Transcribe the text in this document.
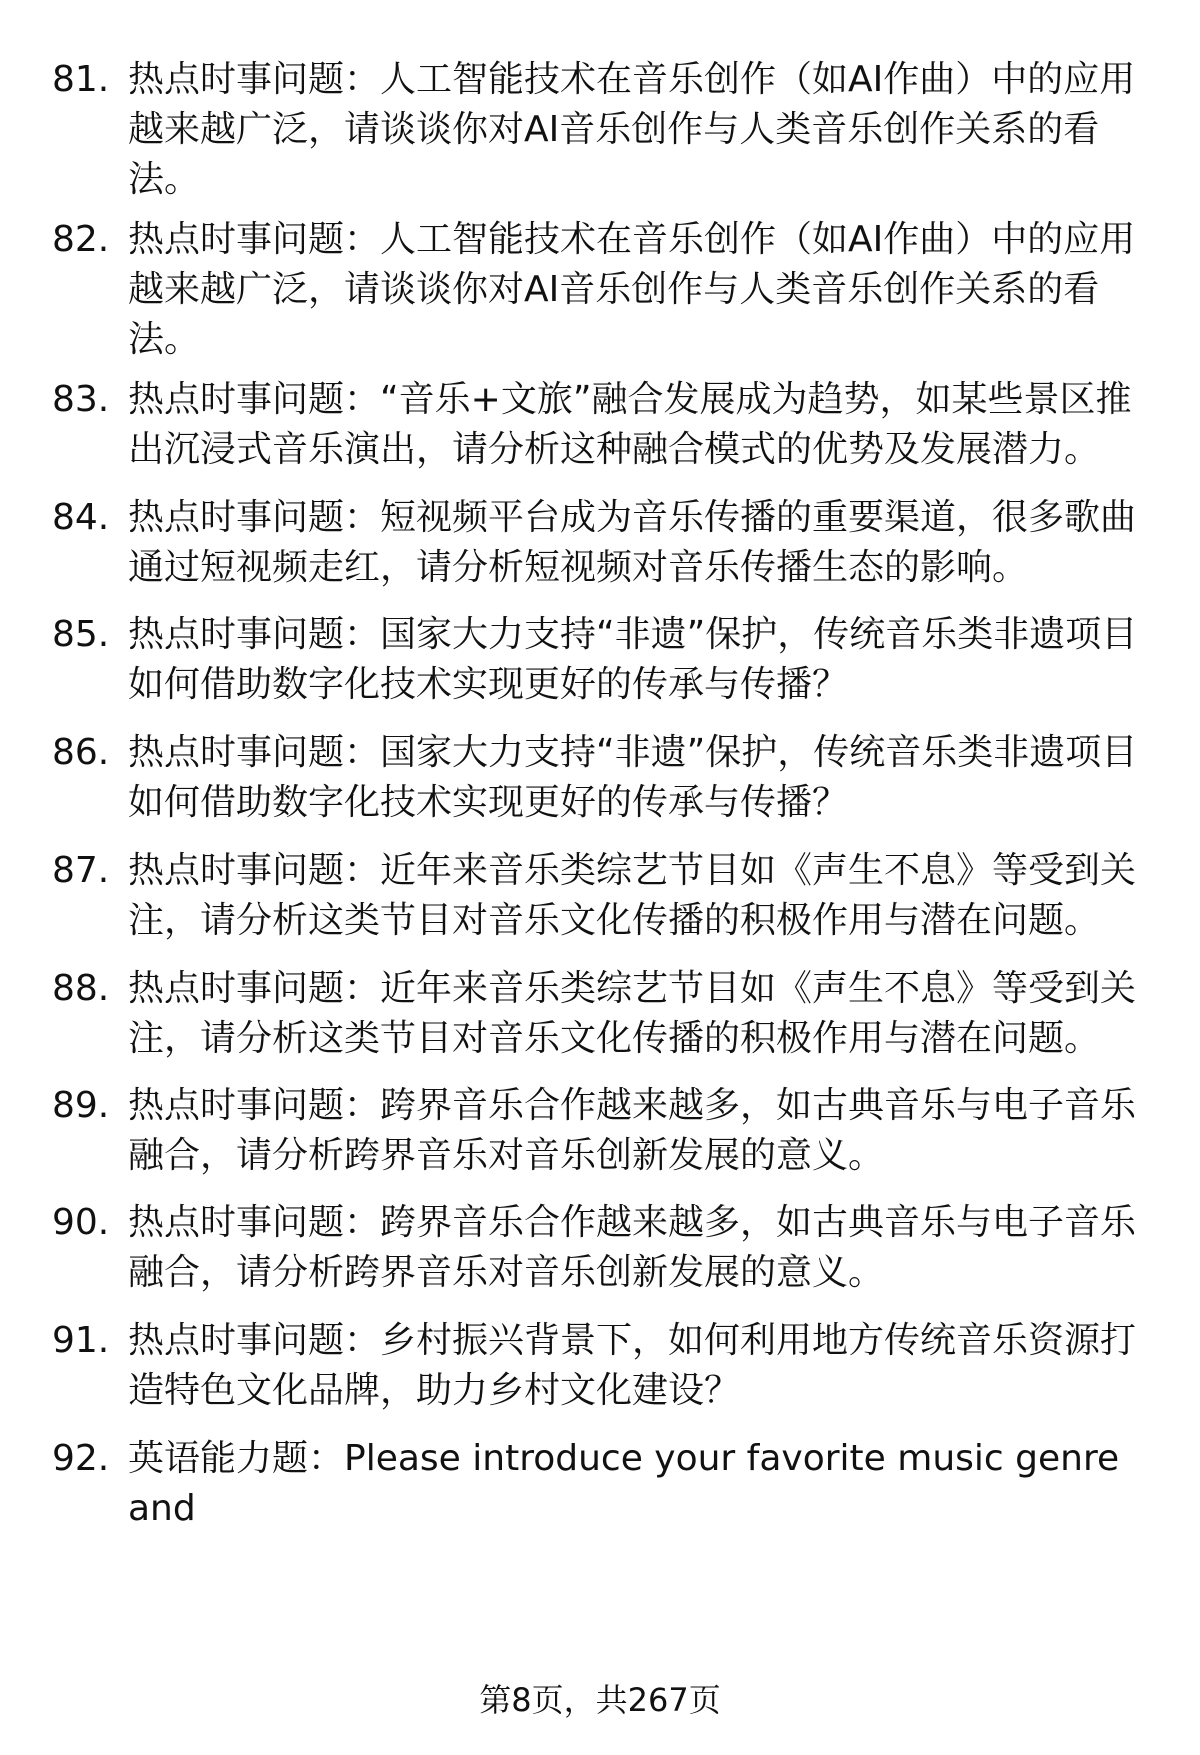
81. 热点时事问题：人工智能技术在音乐创作（如AI作曲）中的应用越来越广泛，请谈谈你对AI音乐创作与人类音乐创作关系的看法。
82. 热点时事问题：人工智能技术在音乐创作（如AI作曲）中的应用越来越广泛，请谈谈你对AI音乐创作与人类音乐创作关系的看法。
83. 热点时事问题：“音乐+文旅”融合发展成为趋势，如某些景区推出沉浸式音乐演出，请分析这种融合模式的优势及发展潜力。
84. 热点时事问题：短视频平台成为音乐传播的重要渠道，很多歌曲通过短视频走红，请分析短视频对音乐传播生态的影响。
85. 热点时事问题：国家大力支持“非遗”保护，传统音乐类非遗项目如何借助数字化技术实现更好的传承与传播？
86. 热点时事问题：国家大力支持“非遗”保护，传统音乐类非遗项目如何借助数字化技术实现更好的传承与传播？
87. 热点时事问题：近年来音乐类综艺节目如《声生不息》等受到关注，请分析这类节目对音乐文化传播的积极作用与潜在问题。
88. 热点时事问题：近年来音乐类综艺节目如《声生不息》等受到关注，请分析这类节目对音乐文化传播的积极作用与潜在问题。
89. 热点时事问题：跨界音乐合作越来越多，如古典音乐与电子音乐融合，请分析跨界音乐对音乐创新发展的意义。
90. 热点时事问题：跨界音乐合作越来越多，如古典音乐与电子音乐融合，请分析跨界音乐对音乐创新发展的意义。
91. 热点时事问题：乡村振兴背景下，如何利用地方传统音乐资源打造特色文化品牌，助力乡村文化建设？
92. 英语能力题：Please introduce your favorite music genre and
第8页，共267页
